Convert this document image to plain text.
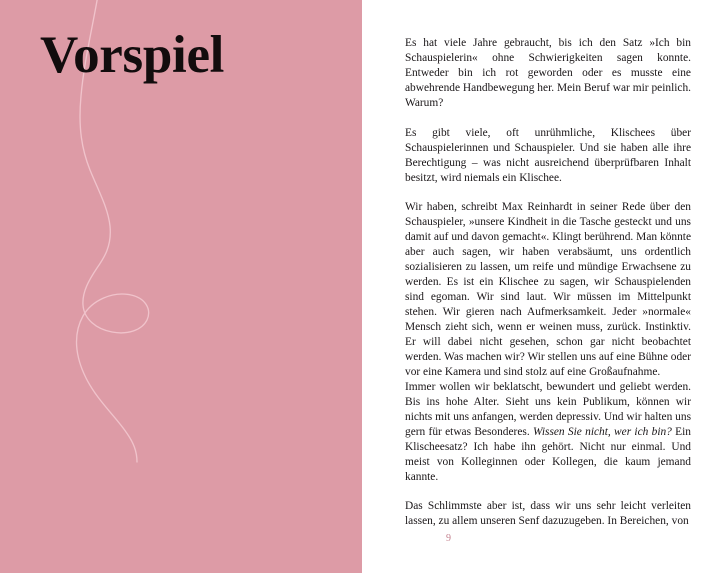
Vorspiel	Es hat viele Jahre gebraucht, bis ich den Satz »Ich bin Schauspielerin« ohne Schwierigkeiten sagen konnte. Entweder bin ich rot geworden oder es musste eine abwehrende Handbewegung her. Mein Beruf war mir peinlich. Warum?

Es gibt viele, oft unrühmliche, Klischees über Schauspielerinnen und Schauspieler. Und sie haben alle ihre Berechtigung – was nicht ausreichend überprüfbaren Inhalt besitzt, wird niemals ein Klischee.

Wir haben, schreibt Max Reinhardt in seiner Rede über den Schauspieler, »unsere Kindheit in die Tasche gesteckt und uns damit auf und davon gemacht«. Klingt berührend. Man könnte aber auch sagen, wir haben verabsäumt, uns ordentlich sozialisieren zu lassen, um reife und mündige Erwachsene zu werden. Es ist ein Klischee zu sagen, wir Schauspielenden sind egoman. Wir sind laut. Wir müssen im Mittelpunkt stehen. Wir gieren nach Aufmerksamkeit. Jeder »normale« Mensch zieht sich, wenn er weinen muss, zurück. Instinktiv. Er will dabei nicht gesehen, schon gar nicht beobachtet werden. Was machen wir? Wir stellen uns auf eine Bühne oder vor eine Kamera und sind stolz auf eine Großaufnahme.

Immer wollen wir beklatscht, bewundert und geliebt werden. Bis ins hohe Alter. Sieht uns kein Publikum, können wir nichts mit uns anfangen, werden depressiv. Und wir halten uns gern für etwas Besonderes. Wissen Sie nicht, wer ich bin? Ein Klischeesatz? Ich habe ihn gehört. Nicht nur einmal. Und meist von Kolleginnen oder Kollegen, die kaum jemand kannte.

Das Schlimmste aber ist, dass wir uns sehr leicht verleiten lassen, zu allem unseren Senf dazuzugeben. In Bereichen, von

9
